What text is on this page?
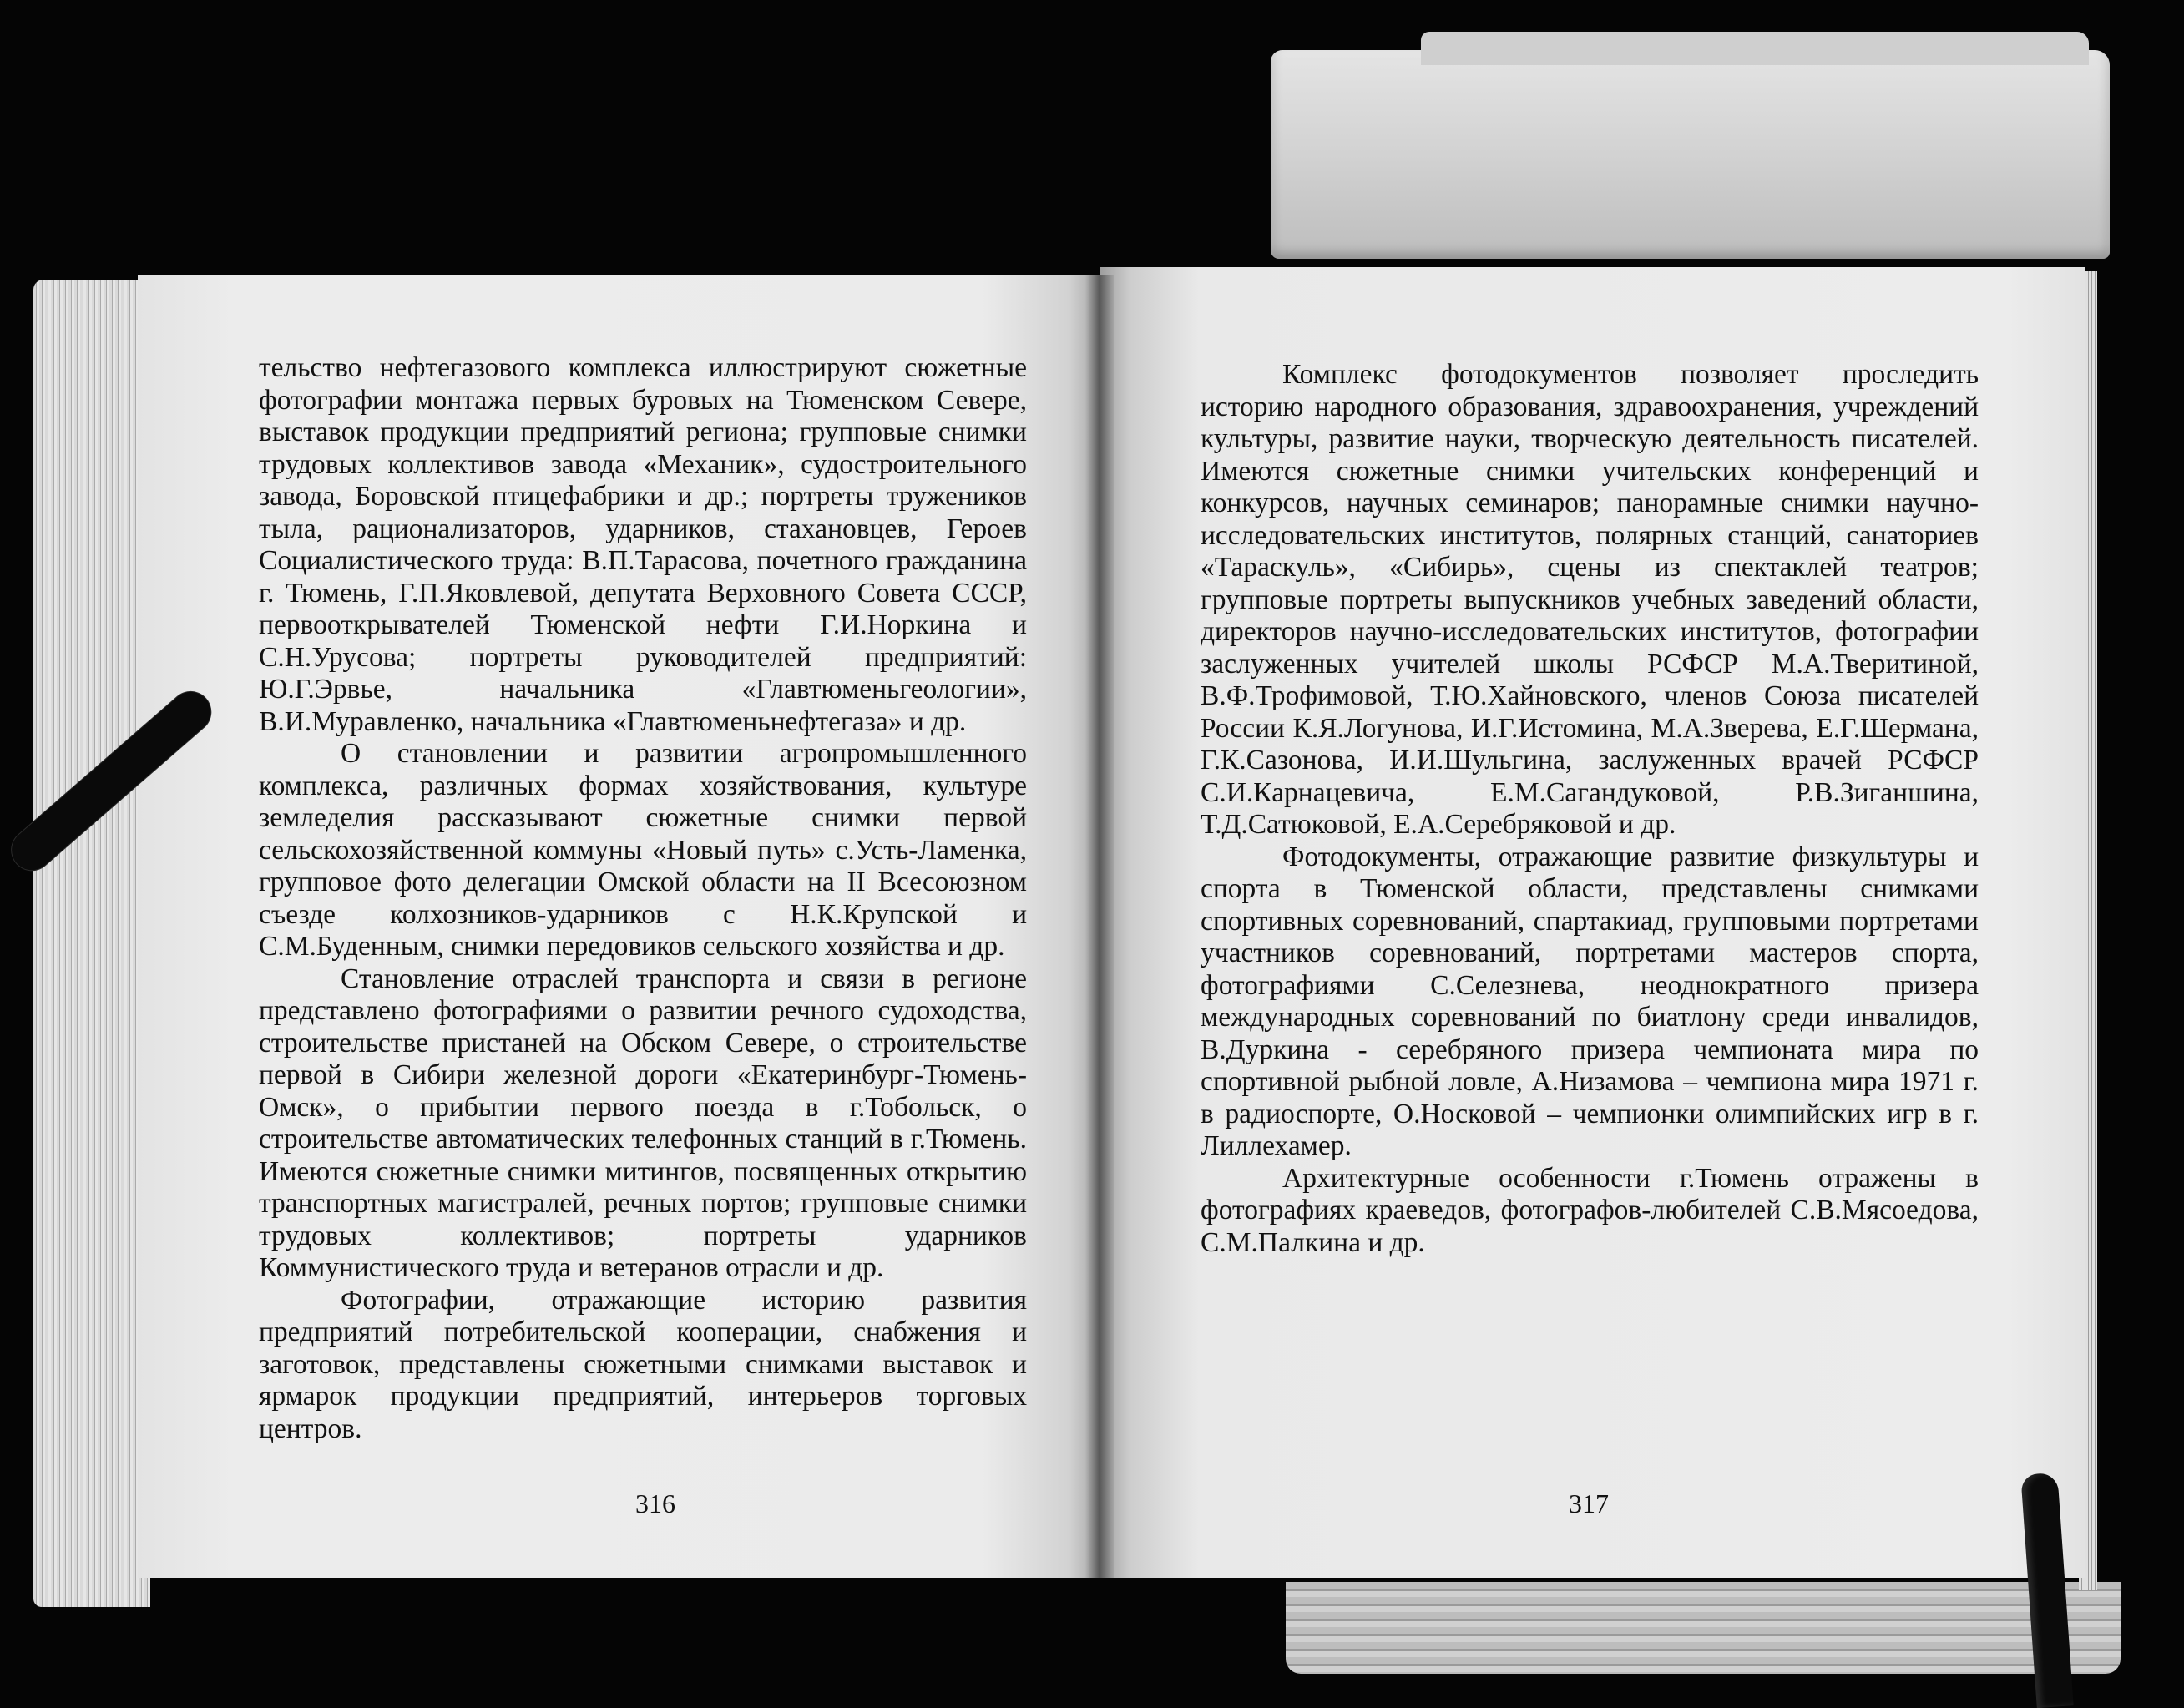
тельство нефтегазового комплекса иллюстрируют сюжетные фотографии монтажа первых буровых на Тюменском Севере, выставок продукции предприятий региона; групповые снимки трудовых коллективов завода «Механик», судостроительного завода, Боровской птицефабрики и др.; портреты тружеников тыла, рационализаторов, ударников, стахановцев, Героев Социалистического труда: В.П.Тарасова, почетного гражданина г. Тюмень, Г.П.Яковлевой, депутата Верховного Совета СССР, первооткрывателей Тюменской нефти Г.И.Норкина и С.Н.Урусова; портреты руководителей предприятий: Ю.Г.Эрвье, начальника «Главтюменьгеологии», В.И.Муравленко, начальника «Главтюменьнефтегаза» и др.

О становлении и развитии агропромышленного комплекса, различных формах хозяйствования, культуре земледелия рассказывают сюжетные снимки первой сельскохозяйственной коммуны «Новый путь» с.Усть-Ламенка, групповое фото делегации Омской области на II Всесоюзном съезде колхозников-ударников с Н.К.Крупской и С.М.Буденным, снимки передовиков сельского хозяйства и др.

Становление отраслей транспорта и связи в регионе представлено фотографиями о развитии речного судоходства, строительстве пристаней на Обском Севере, о строительстве первой в Сибири железной дороги «Екатеринбург-Тюмень-Омск», о прибытии первого поезда в г.Тобольск, о строительстве автоматических телефонных станций в г.Тюмень. Имеются сюжетные снимки митингов, посвященных открытию транспортных магистралей, речных портов; групповые снимки трудовых коллективов; портреты ударников Коммунистического труда и ветеранов отрасли и др.

Фотографии, отражающие историю развития предприятий потребительской кооперации, снабжения и заготовок, представлены сюжетными снимками выставок и ярмарок продукции предприятий, интерьеров торговых центров.

316

Комплекс фотодокументов позволяет проследить историю народного образования, здравоохранения, учреждений культуры, развитие науки, творческую деятельность писателей. Имеются сюжетные снимки учительских конференций и конкурсов, научных семинаров; панорамные снимки научно-исследовательских институтов, полярных станций, санаториев «Тараскуль», «Сибирь», сцены из спектаклей театров; групповые портреты выпускников учебных заведений области, директоров научно-исследовательских институтов, фотографии заслуженных учителей школы РСФСР М.А.Тверитиной, В.Ф.Трофимовой, Т.Ю.Хайновского, членов Союза писателей России К.Я.Логунова, И.Г.Истомина, М.А.Зверева, Е.Г.Шермана, Г.К.Сазонова, И.И.Шульгина, заслуженных врачей РСФСР С.И.Карнацевича, Е.М.Сагандуковой, Р.В.Зиганшина, Т.Д.Сатюковой, Е.А.Серебряковой и др.

Фотодокументы, отражающие развитие физкультуры и спорта в Тюменской области, представлены снимками спортивных соревнований, спартакиад, групповыми портретами участников соревнований, портретами мастеров спорта, фотографиями С.Селезнева, неоднократного призера международных соревнований по биатлону среди инвалидов, В.Дуркина - серебряного призера чемпионата мира по спортивной рыбной ловле, А.Низамова – чемпиона мира 1971 г. в радиоспорте, О.Носковой – чемпионки олимпийских игр в г. Лиллехамер.

Архитектурные особенности г.Тюмень отражены в фотографиях краеведов, фотографов-любителей С.В.Мясоедова, С.М.Палкина и др.

317
